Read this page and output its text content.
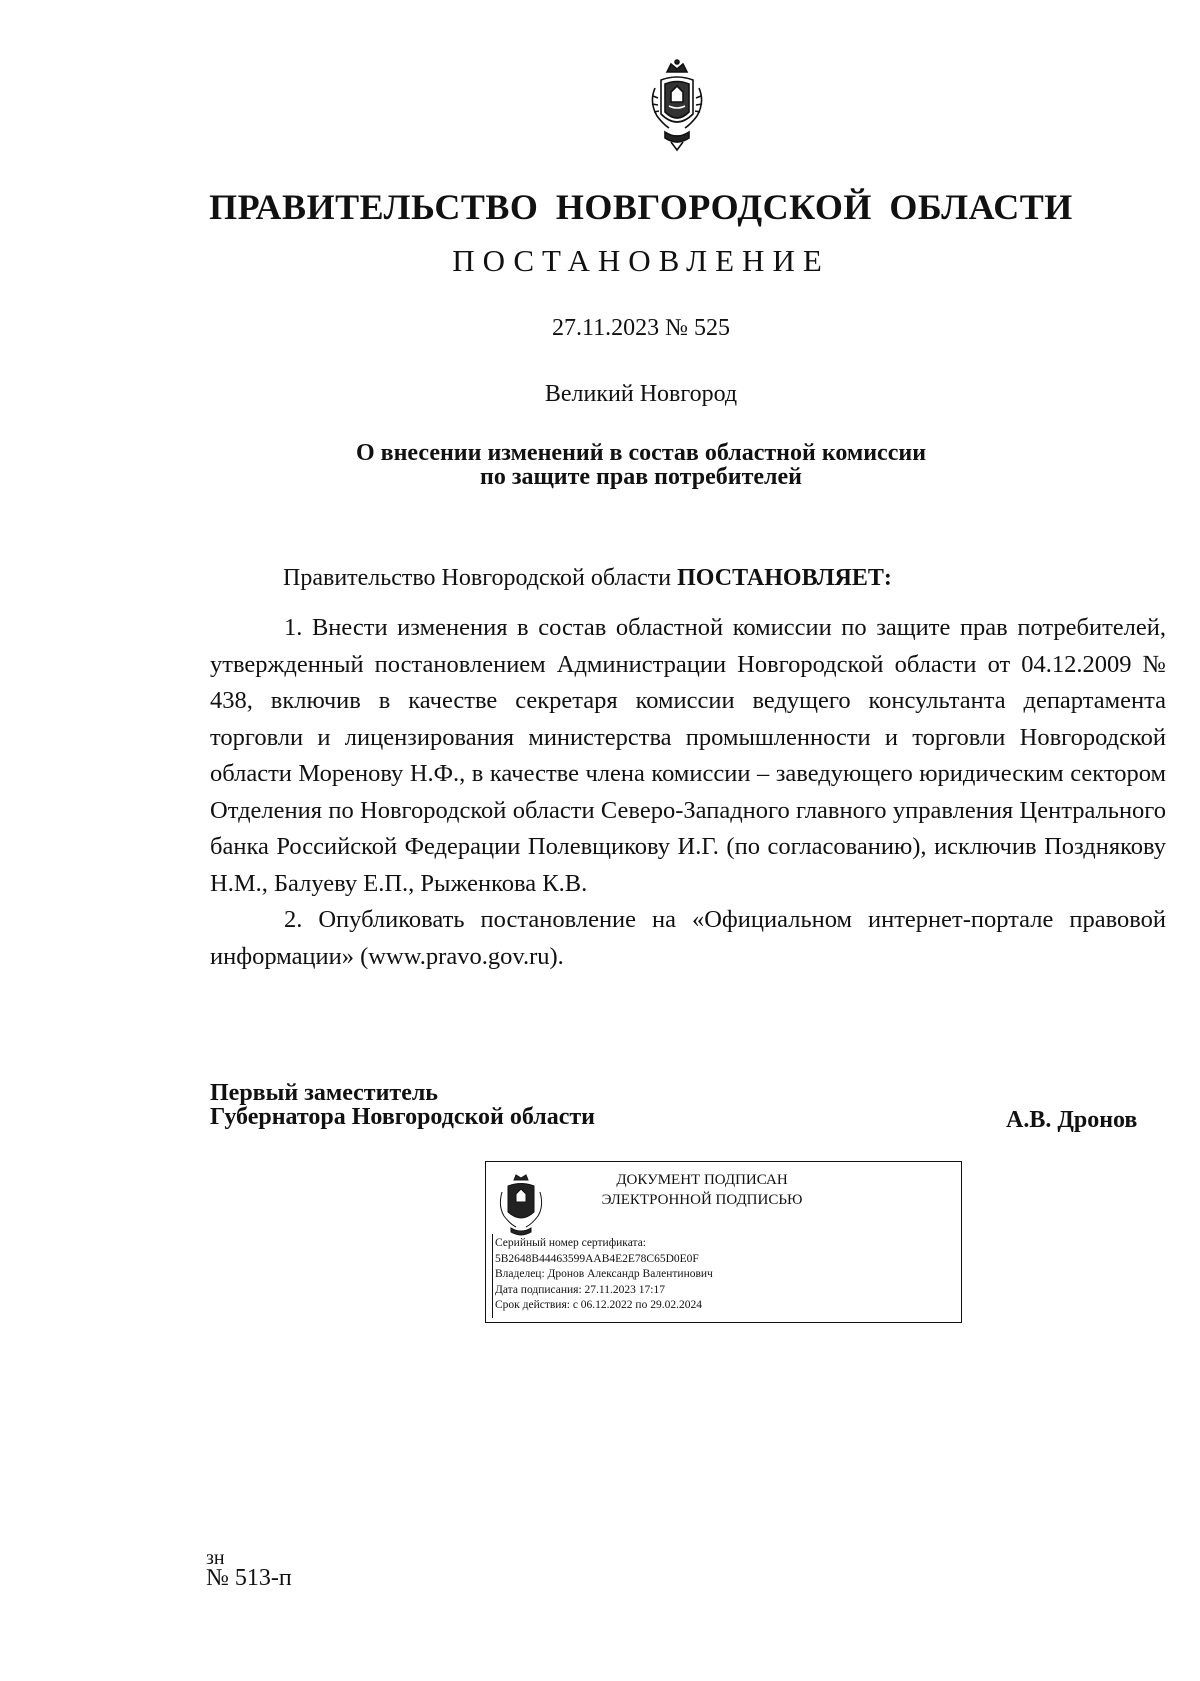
ПРАВИТЕЛЬСТВО НОВГОРОДСКОЙ ОБЛАСТИ
ПОСТАНОВЛЕНИЕ
27.11.2023 № 525
Великий Новгород
О внесении изменений в состав областной комиссии
по защите прав потребителей
Правительство Новгородской области ПОСТАНОВЛЯЕТ:

1. Внести изменения в состав областной комиссии по защите прав потребителей, утвержденный постановлением Администрации Новгородской области от 04.12.2009 № 438, включив в качестве секретаря комиссии ведущего консультанта департамента торговли и лицензирования министерства промышленности и торговли Новгородской области Моренову Н.Ф., в качестве члена комиссии – заведующего юридическим сектором Отделения по Новгородской области Северо-Западного главного управления Центрального банка Российской Федерации Полевщикову И.Г. (по согласованию), исключив Позднякову Н.М., Балуеву Е.П., Рыженкова К.В.

2. Опубликовать постановление на «Официальном интернет-портале правовой информации» (www.pravo.gov.ru).

Первый заместитель
Губернатора Новгородской области	А.В. Дронов
ДОКУМЕНТ ПОДПИСАН
ЭЛЕКТРОННОЙ ПОДПИСЬЮ
Серийный номер сертификата:
5B2648B44463599AAB4E2E78C65D0E0F
Владелец: Дронов Александр Валентинович
Дата подписания: 27.11.2023 17:17
Срок действия: с 06.12.2022 по 29.02.2024
зн
№ 513-п
